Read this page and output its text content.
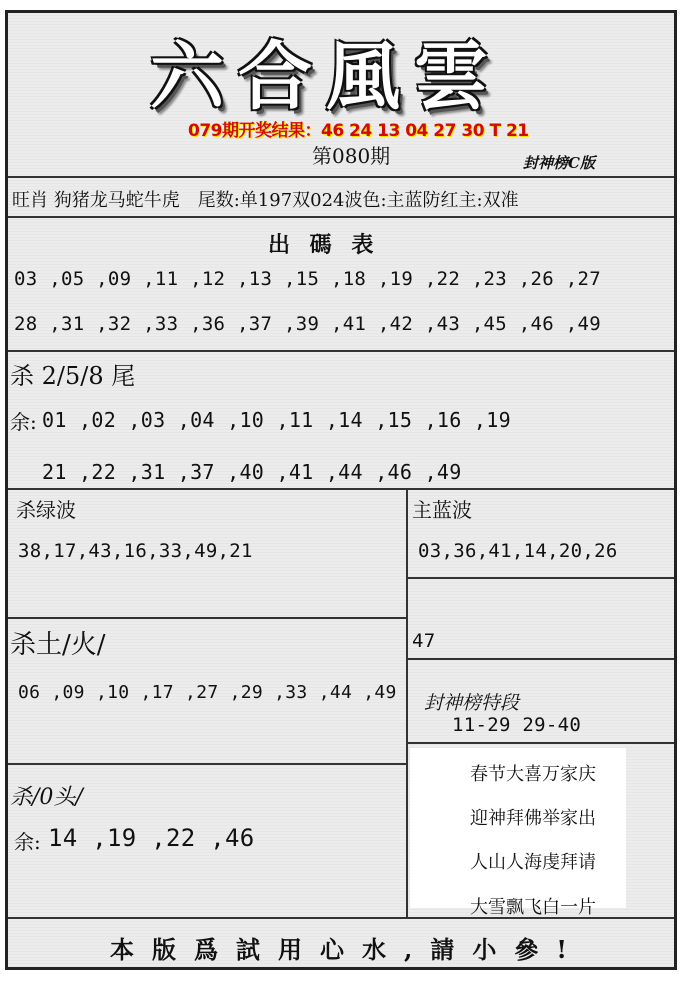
六合風雲
079期开奖结果：46 24 13 04 27 30 T 21
第080期	封神榜C版
旺肖 狗猪龙马蛇牛虎　尾数:单197双024波色:主蓝防红主:双准
出 碼 表
03 ,05 ,09 ,11 ,12 ,13 ,15 ,18 ,19 ,22 ,23 ,26 ,27
28 ,31 ,32 ,33 ,36 ,37 ,39 ,41 ,42 ,43 ,45 ,46 ,49
杀 2/5/8 尾
余: 01 ,02 ,03 ,04 ,10 ,11 ,14 ,15 ,16 ,19
21 ,22 ,31 ,37 ,40 ,41 ,44 ,46 ,49
杀绿波
38,17,43,16,33,49,21
主蓝波
03,36,41,14,20,26
47
杀土/火/
06 ,09 ,10 ,17 ,27 ,29 ,33 ,44 ,49 封神榜特段
11-29 29-40
杀/0头/
余: 14 ,19 ,22 ,46
春节大喜万家庆
迎神拜佛举家出
人山人海虔拜请
大雪飘飞白一片
本版爲試用心水,請小參!
